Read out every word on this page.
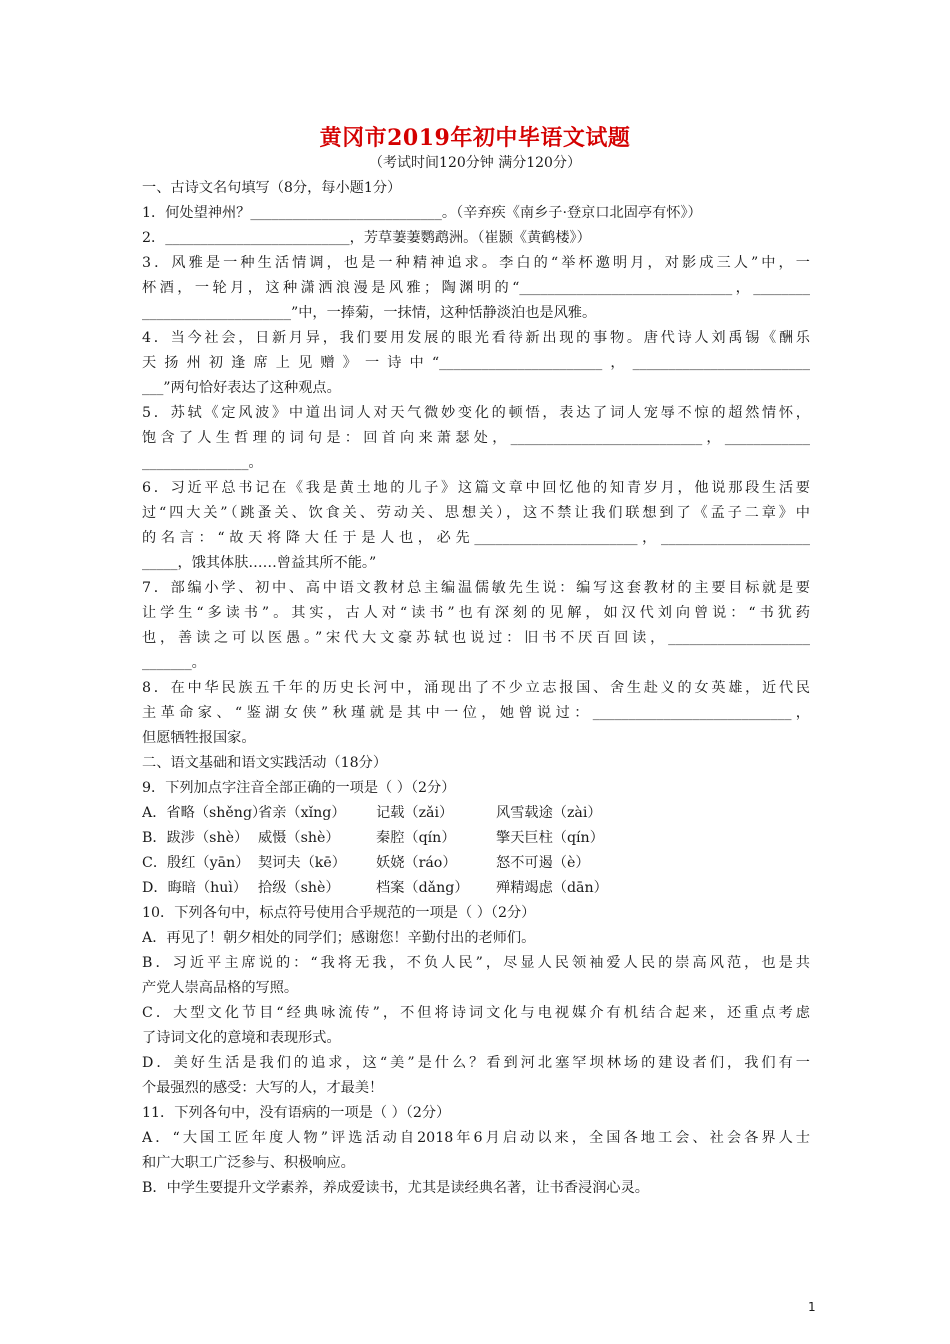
黄冈市2019年初中毕语文试题
（考试时间120分钟 满分120分）

一、古诗文名句填写（8分，每小题1分）

1．何处望神州？___________________________。（辛弃疾《南乡子·登京口北固亭有怀》）

2．__________________________，芳草萋萋鹦鹉洲。（崔颢《黄鹤楼》）

3．风雅是一种生活情调，也是一种精神追求。李白的“举杯邀明月，对影成三人”中，一

杯酒，一轮月，这种潇洒浪漫是风雅；陶渊明的“______________________________，________

_____________________”中，一捧菊，一抹情，这种恬静淡泊也是风雅。

4．当今社会，日新月异，我们要用发展的眼光看待新出现的事物。唐代诗人刘禹锡《酬乐

天扬州初逢席上见赠》一诗中“_______________________，_________________________

___”两句恰好表达了这种观点。

5．苏轼《定风波》中道出词人对天气微妙变化的顿悟，表达了词人宠辱不惊的超然情怀，

饱含了人生哲理的词句是：回首向来萧瑟处，___________________________，____________

_______________。

6．习近平总书记在《我是黄土地的儿子》这篇文章中回忆他的知青岁月，他说那段生活要

过“四大关”（跳蚤关、饮食关、劳动关、思想关），这不禁让我们联想到了《孟子二章》中

的名言：“故天将降大任于是人也，必先_______________________，_____________________

_____，饿其体肤……曾益其所不能。”

7．部编小学、初中、高中语文教材总主编温儒敏先生说：编写这套教材的主要目标就是要

让学生“多读书”。其实，古人对“读书”也有深刻的见解，如汉代刘向曾说：“书犹药

也，善读之可以医愚。”宋代大文豪苏轼也说过：旧书不厌百回读，____________________

_______。

8．在中华民族五千年的历史长河中，涌现出了不少立志报国、舍生赴义的女英雄，近代民

主革命家、“鉴湖女侠”秋瑾就是其中一位，她曾说过：____________________________，

但愿牺牲报国家。

二、语文基础和语文实践活动（18分）

9．下列加点字注音全部正确的一项是（ ）（2分）

A．省略（shěng）省亲（xǐng） 记载（zǎi）	风雪载途（zài）

B．跋涉（shè） 威慑（shè）	秦腔（qín）	擎天巨柱（qín）

C．殷红（yān） 契诃夫（kē） 妖娆（ráo）	怒不可遏（è）

D．晦暗（huì） 拾级（shè）	档案（dǎng） 殚精竭虑（dān）

10．下列各句中，标点符号使用合乎规范的一项是（ ）（2分）

A．再见了！朝夕相处的同学们；感谢您！辛勤付出的老师们。

B．习近平主席说的：“我将无我，不负人民”，尽显人民领袖爱人民的崇高风范，也是共

产党人崇高品格的写照。

C．大型文化节目“经典咏流传”，不但将诗词文化与电视媒介有机结合起来，还重点考虑

了诗词文化的意境和表现形式。

D．美好生活是我们的追求，这“美”是什么？看到河北塞罕坝林场的建设者们，我们有一

个最强烈的感受：大写的人，才最美！

11．下列各句中，没有语病的一项是（ ）（2分）

A．“大国工匠年度人物”评选活动自2018年6月启动以来，全国各地工会、社会各界人士

和广大职工广泛参与、积极响应。

B．中学生要提升文学素养，养成爱读书，尤其是读经典名著，让书香浸润心灵。

1
